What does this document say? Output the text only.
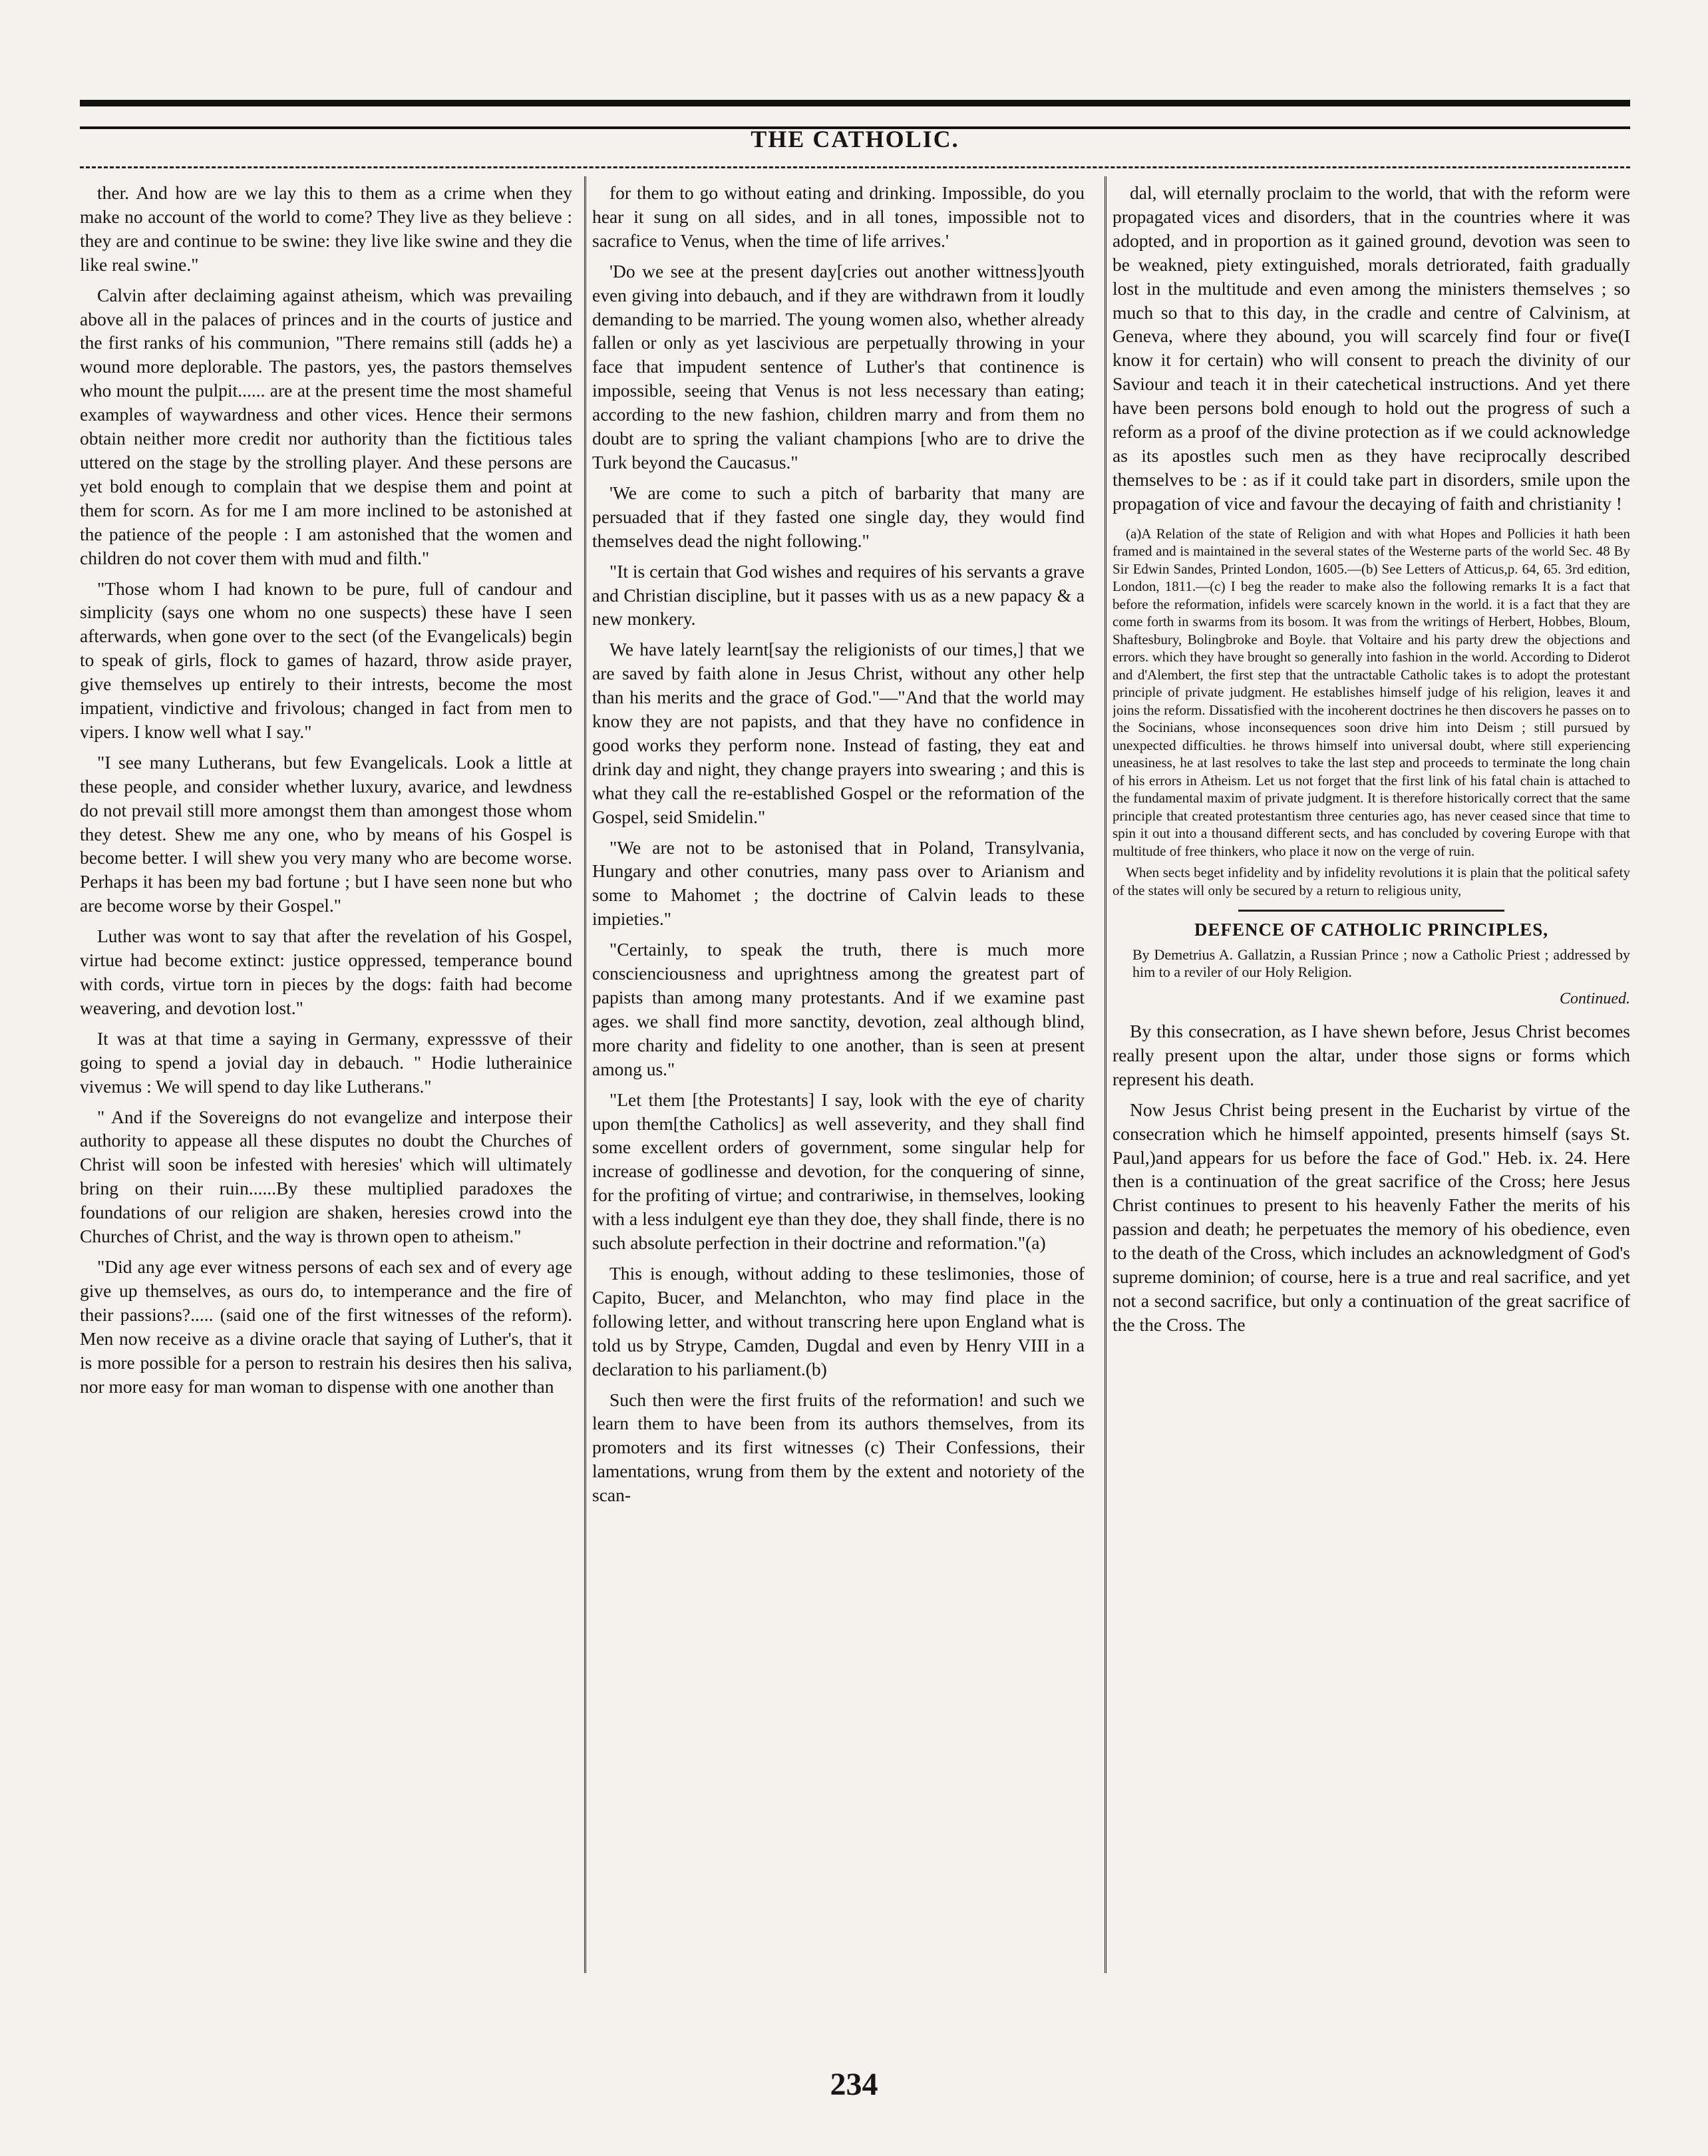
THE CATHOLIC.

ther. And how are we lay this to them as a crime when they make no account of the world to come? They live as they believe : they are and continue to be swine: they live like swine and they die like real swine."

Calvin after declaiming against atheism, which was prevailing above all in the palaces of princes and in the courts of justice and the first ranks of his communion, "There remains still (adds he) a wound more deplorable. The pastors, yes, the pastors themselves who mount the pulpit...... are at the present time the most shameful examples of waywardness and other vices. Hence their sermons obtain neither more credit nor authority than the fictitious tales uttered on the stage by the strolling player. And these persons are yet bold enough to complain that we despise them and point at them for scorn. As for me I am more inclined to be astonished at the patience of the people : I am astonished that the women and children do not cover them with mud and filth."

"Those whom I had known to be pure, full of candour and simplicity (says one whom no one suspects) these have I seen afterwards, when gone over to the sect (of the Evangelicals) begin to speak of girls, flock to games of hazard, throw aside prayer, give themselves up entirely to their intrests, become the most impatient, vindictive and frivolous; changed in fact from men to vipers. I know well what I say."

"I see many Lutherans, but few Evangelicals. Look a little at these people, and consider whether luxury, avarice, and lewdness do not prevail still more amongst them than amongest those whom they detest. Shew me any one, who by means of his Gospel is become better. I will shew you very many who are become worse. Perhaps it has been my bad fortune ; but I have seen none but who are become worse by their Gospel."

Luther was wont to say that after the revelation of his Gospel, virtue had become extinct: justice oppressed, temperance bound with cords, virtue torn in pieces by the dogs: faith had become weavering, and devotion lost."

It was at that time a saying in Germany, expresssve of their going to spend a jovial day in debauch. " Hodie lutherainice vivemus : We will spend to day like Lutherans."

" And if the Sovereigns do not evangelize and interpose their authority to appease all these disputes no doubt the Churches of Christ will soon be infested with heresies' which will ultimately bring on their ruin......By these multiplied paradoxes the foundations of our religion are shaken, heresies crowd into the Churches of Christ, and the way is thrown open to atheism."

"Did any age ever witness persons of each sex and of every age give up themselves, as ours do, to intemperance and the fire of their passions?..... (said one of the first witnesses of the reform). Men now receive as a divine oracle that saying of Luther's, that it is more possible for a person to restrain his desires then his saliva, nor more easy for man woman to dispense with one another than

for them to go without eating and drinking. Impossible, do you hear it sung on all sides, and in all tones, impossible not to sacrafice to Venus, when the time of life arrives.'

'Do we see at the present day[cries out another wittness]youth even giving into debauch, and if they are withdrawn from it loudly demanding to be married. The young women also, whether already fallen or only as yet lascivious are perpetually throwing in your face that impudent sentence of Luther's that continence is impossible, seeing that Venus is not less necessary than eating; according to the new fashion, children marry and from them no doubt are to spring the valiant champions [who are to drive the Turk beyond the Caucasus."

'We are come to such a pitch of barbarity that many are persuaded that if they fasted one single day, they would find themselves dead the night following."

"It is certain that God wishes and requires of his servants a grave and Christian discipline, but it passes with us as a new papacy & a new monkery.

We have lately learnt[say the religionists of our times,] that we are saved by faith alone in Jesus Christ, without any other help than his merits and the grace of God."—"And that the world may know they are not papists, and that they have no confidence in good works they perform none. Instead of fasting, they eat and drink day and night, they change prayers into swearing ; and this is what they call the re-established Gospel or the reformation of the Gospel, seid Smidelin."

"We are not to be astonised that in Poland, Transylvania, Hungary and other conutries, many pass over to Arianism and some to Mahomet ; the doctrine of Calvin leads to these impieties."

"Certainly, to speak the truth, there is much more conscienciousness and uprightness among the greatest part of papists than among many protestants. And if we examine past ages. we shall find more sanctity, devotion, zeal although blind, more charity and fidelity to one another, than is seen at present among us."

"Let them [the Protestants] I say, look with the eye of charity upon them[the Catholics] as well asseverity, and they shall find some excellent orders of government, some singular help for increase of godlinesse and devotion, for the conquering of sinne, for the profiting of virtue; and contrariwise, in themselves, looking with a less indulgent eye than they doe, they shall finde, there is no such absolute perfection in their doctrine and reformation."(a)

This is enough, without adding to these teslimonies, those of Capito, Bucer, and Melanchton, who may find place in the following letter, and without transcring here upon England what is told us by Strype, Camden, Dugdal and even by Henry VIII in a declaration to his parliament.(b)

Such then were the first fruits of the reformation! and such we learn them to have been from its authors themselves, from its promoters and its first witnesses (c) Their Confessions, their lamentations, wrung from them by the extent and notoriety of the scan-

dal, will eternally proclaim to the world, that with the reform were propagated vices and disorders, that in the countries where it was adopted, and in proportion as it gained ground, devotion was seen to be weakned, piety extinguished, morals detriorated, faith gradually lost in the multitude and even among the ministers themselves ; so much so that to this day, in the cradle and centre of Calvinism, at Geneva, where they abound, you will scarcely find four or five(I know it for certain) who will consent to preach the divinity of our Saviour and teach it in their catechetical instructions. And yet there have been persons bold enough to hold out the progress of such a reform as a proof of the divine protection as if we could acknowledge as its apostles such men as they have reciprocally described themselves to be : as if it could take part in disorders, smile upon the propagation of vice and favour the decaying of faith and christianity !

(a)A Relation of the state of Religion and with what Hopes and Pollicies it hath been framed and is maintained in the several states of the Westerne parts of the world Sec. 48 By Sir Edwin Sandes, Printed London, 1605.—(b) See Letters of Atticus,p. 64, 65. 3rd edition, London, 1811.—(c) I beg the reader to make also the following remarks It is a fact that before the reformation, infidels were scarcely known in the world. it is a fact that they are come forth in swarms from its bosom. It was from the writings of Herbert, Hobbes, Bloum, Shaftesbury, Bolingbroke and Boyle. that Voltaire and his party drew the objections and errors. which they have brought so generally into fashion in the world. According to Diderot and d'Alembert, the first step that the untractable Catholic takes is to adopt the protestant principle of private judgment. He establishes himself judge of his religion, leaves it and joins the reform. Dissatisfied with the incoherent doctrines he then discovers he passes on to the Socinians, whose inconsequences soon drive him into Deism ; still pursued by unexpected difficulties. he throws himself into universal doubt, where still experiencing uneasiness, he at last resolves to take the last step and proceeds to terminate the long chain of his errors in Atheism. Let us not forget that the first link of his fatal chain is attached to the fundamental maxim of private judgment. It is therefore historically correct that the same principle that created protestantism three centuries ago, has never ceased since that time to spin it out into a thousand different sects, and has concluded by covering Europe with that multitude of free thinkers, who place it now on the verge of ruin.

When sects beget infidelity and by infidelity revolutions it is plain that the political safety of the states will only be secured by a return to religious unity,

DEFENCE OF CATHOLIC PRINCIPLES,

By Demetrius A. Gallatzin, a Russian Prince ; now a Catholic Priest ; addressed by him to a reviler of our Holy Religion.

Continued.

By this consecration, as I have shewn before, Jesus Christ becomes really present upon the altar, under those signs or forms which represent his death.

Now Jesus Christ being present in the Eucharist by virtue of the consecration which he himself appointed, presents himself (says St. Paul,)and appears for us before the face of God." Heb. ix. 24. Here then is a continuation of the great sacrifice of the Cross; here Jesus Christ continues to present to his heavenly Father the merits of his passion and death; he perpetuates the memory of his obedience, even to the death of the Cross, which includes an acknowledgment of God's supreme dominion; of course, here is a true and real sacrifice, and yet not a second sacrifice, but only a continuation of the great sacrifice of the the Cross. The

234
